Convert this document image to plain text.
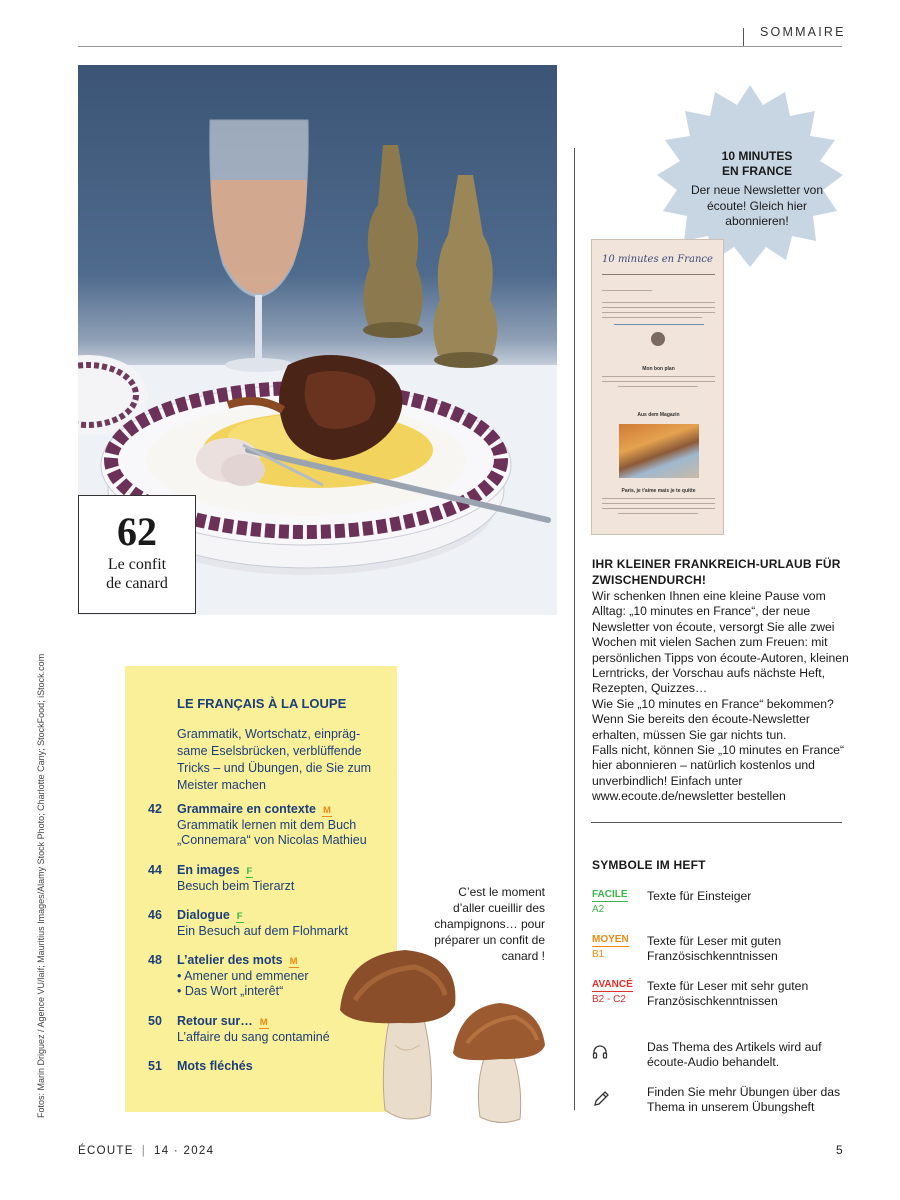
SOMMAIRE
62
Le confit
de canard
Fotos: Marin Driguez / Agence VU/laif; Mauritius Images/Alamy Stock Photo; Charlotte Cany; StockFood; iStock.com	LE FRANÇAIS À LA LOUPE
Grammatik, Wortschatz, einpräg-same Eselsbrücken, verblüffende Tricks – und Übungen, die Sie zum Meister machen
42 Grammaire en contexte M
Grammatik lernen mit dem Buch
„Connemara“ von Nicolas Mathieu
44 En images F
Besuch beim Tierarzt
46 Dialogue F
Ein Besuch auf dem Flohmarkt
48 L’atelier des mots M
• Amener und emmener
• Das Wort „interêt“
50 Retour sur… M
L’affaire du sang contaminé
51 Mots fléchés
C’est le moment d’aller cueillir des champignons… pour préparer un confit de canard !
10 MINUTES
EN FRANCE
Der neue Newsletter von écoute! Gleich hier abonnieren!
10 minutes en France
Mon bon plan
Aus dem Magazin
Paris, je t'aime mais je te quitte
IHR KLEINER FRANKREICH-URLAUB FÜR ZWISCHENDURCH!

Wir schenken Ihnen eine kleine Pause vom Alltag: „10 minutes en France“, der neue Newsletter von écoute, versorgt Sie alle zwei Wochen mit vielen Sachen zum Freuen: mit persönlichen Tipps von écoute-Autoren, kleinen Lerntricks, der Vorschau aufs nächste Heft, Rezepten, Quizzes…

Wie Sie „10 minutes en France“ bekommen? Wenn Sie bereits den écoute-Newsletter erhalten, müssen Sie gar nichts tun.

Falls nicht, können Sie „10 minutes en France“ hier abonnieren – natürlich kostenlos und unverbindlich! Einfach unter www.ecoute.de/newsletter bestellen

SYMBOLE IM HEFT
FACILE
A2
Texte für Einsteiger
MOYEN
B1
Texte für Leser mit guten Französischkenntnissen
AVANCÉ
B2 - C2
Texte für Leser mit sehr guten Französischkenntnissen
Das Thema des Artikels wird auf écoute-Audio behandelt.
Finden Sie mehr Übungen über das Thema in unserem Übungsheft
ÉCOUTE | 14 · 2024	5
